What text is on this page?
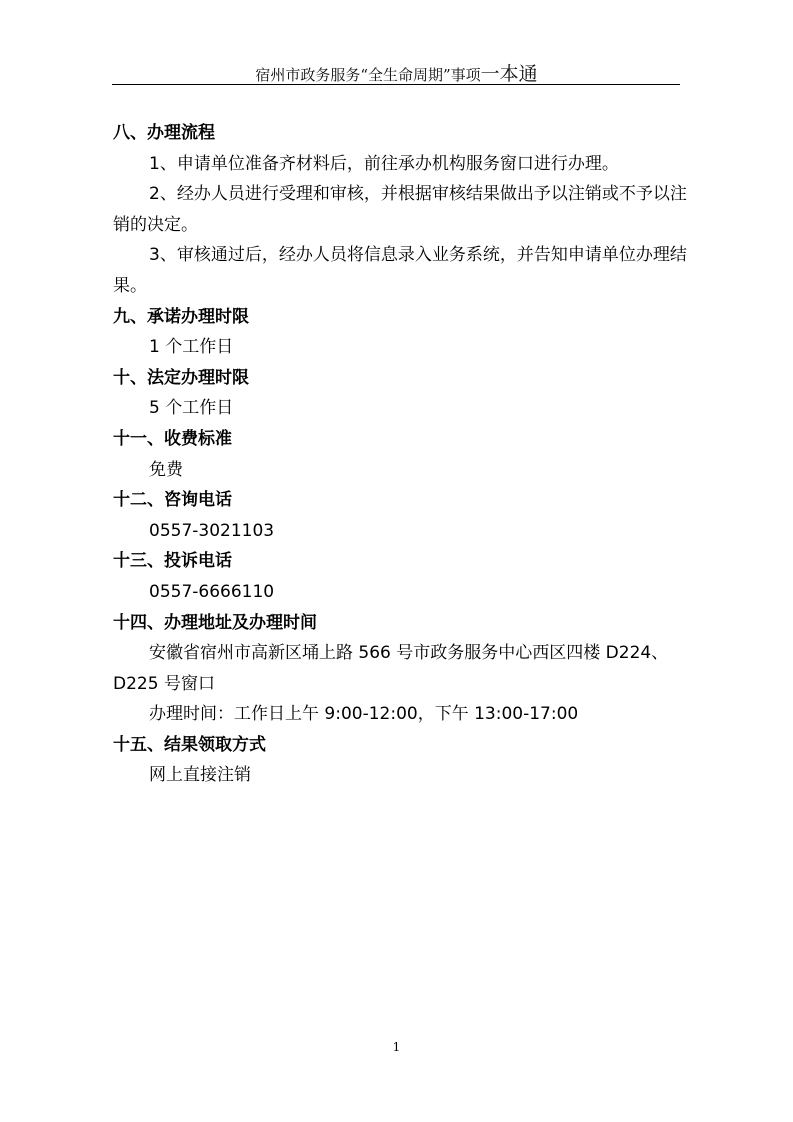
宿州市政务服务“全生命周期”事项一本通
八、办理流程
1、申请单位准备齐材料后，前往承办机构服务窗口进行办理。
2、经办人员进行受理和审核，并根据审核结果做出予以注销或不予以注销的决定。
3、审核通过后，经办人员将信息录入业务系统，并告知申请单位办理结果。
九、承诺办理时限
1 个工作日
十、法定办理时限
5 个工作日
十一、收费标准
免费
十二、咨询电话
0557-3021103
十三、投诉电话
0557-6666110
十四、办理地址及办理时间
安徽省宿州市高新区埇上路 566 号市政务服务中心西区四楼 D224、D225 号窗口
办理时间：工作日上午 9:00-12:00，下午 13:00-17:00
十五、结果领取方式
网上直接注销
1
